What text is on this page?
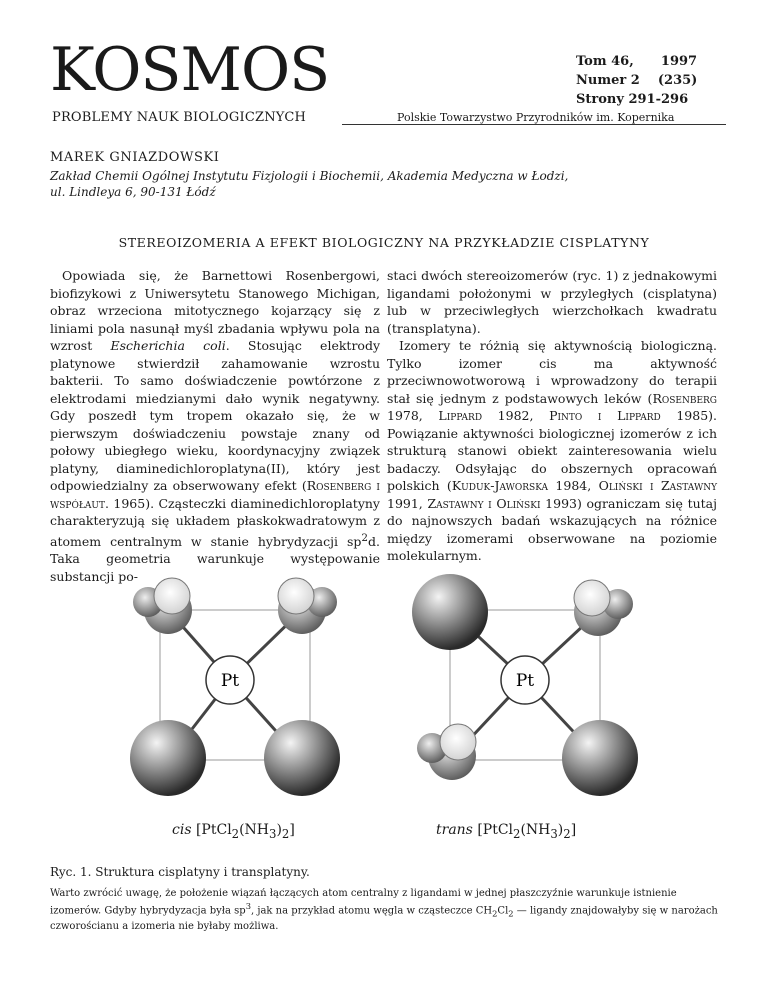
KOSMOS
PROBLEMY NAUK BIOLOGICZNYCH	Polskie Towarzystwo Przyrodników im. Kopernika
Tom 46, 1997
Numer 2 (235)
Strony 291-296
MAREK GNIAZDOWSKI
Zakład Chemii Ogólnej Instytutu Fizjologii i Biochemii, Akademia Medyczna w Łodzi,
ul. Lindleya 6, 90-131 Łódź
STEREOIZOMERIA A EFEKT BIOLOGICZNY NA PRZYKŁADZIE CISPLATYNY

Opowiada się, że Barnettowi Rosenbergowi, biofizykowi z Uniwersytetu Stanowego Michigan, obraz wrzeciona mitotycznego kojarzący się z liniami pola nasunął myśl zbadania wpływu pola na wzrost Escherichia coli. Stosując elektrody platynowe stwierdził zahamowanie wzrostu bakterii. To samo doświadczenie powtórzone z elektrodami miedzianymi dało wynik negatywny. Gdy poszedł tym tropem okazało się, że w pierwszym doświadczeniu powstaje znany od połowy ubiegłego wieku, koordynacyjny związek platyny, diaminedichloroplatyna(II), który jest odpowiedzialny za obserwowany efekt (Rosenberg i współaut. 1965). Cząsteczki diaminedichloroplatyny charakteryzują się układem płaskokwadratowym z atomem centralnym w stanie hybrydyzacji $sp^2d$. Taka geometria warunkuje występowanie substancji po-

staci dwóch stereoizomerów (ryc. 1) z jednakowymi ligandami położonymi w przyległych (cisplatyna) lub w przeciwległych wierzchołkach kwadratu (transplatyna).

Izomery te różnią się aktywnością biologiczną. Tylko izomer cis ma aktywność przeciwnowotworową i wprowadzony do terapii stał się jednym z podstawowych leków (Rosenberg 1978, Lippard 1982, Pinto i Lippard 1985). Powiązanie aktywności biologicznej izomerów z ich strukturą stanowi obiekt zainteresowania wielu badaczy. Odsyłając do obszernych opracowań polskich (Kuduk-Jaworska 1984, Oliński i Zastawny 1991, Zastawny i Oliński 1993) ograniczam się tutaj do najnowszych badań wskazujących na różnice między izomerami obserwowane na poziomie molekularnym.

Pt	Pt
cis $[PtCl_2(NH_3)_2]$	trans $[PtCl_2(NH_3)_2]$
Ryc. 1. Struktura cisplatyny i transplatyny.
Warto zwrócić uwagę, że położenie wiązań łączących atom centralny z ligandami w jednej płaszczyźnie warunkuje istnienie izomerów. Gdyby hybrydyzacja była $sp^3$, jak na przykład atomu węgla w cząsteczce $CH_2Cl_2$ — ligandy znajdowałyby się w narożach czworościanu a izomeria nie byłaby możliwa.
